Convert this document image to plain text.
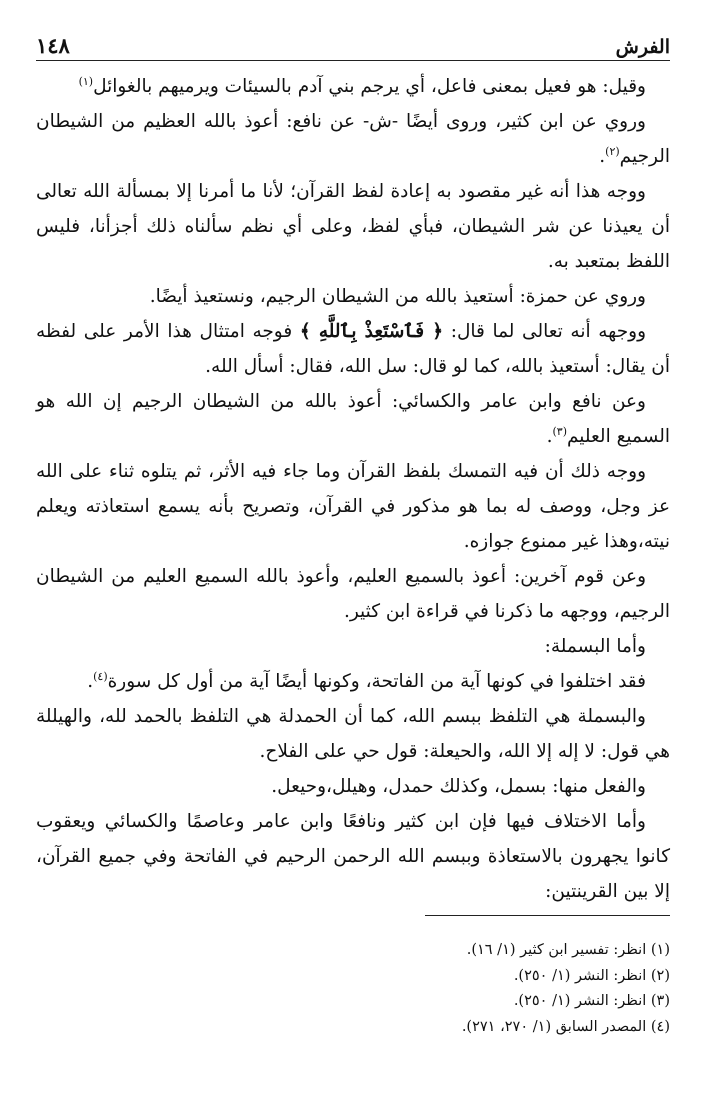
الفرش
١٤٨

وقيل: هو فعيل بمعنى فاعل، أي يرجم بني آدم بالسيئات ويرميهم بالغوائل$^{(١)}$

وروي عن ابن كثير، وروى أيضًا -ش- عن نافع: أعوذ بالله العظيم من الشيطان الرجيم$^{(٢)}$.

ووجه هذا أنه غير مقصود به إعادة لفظ القرآن؛ لأنا ما أمرنا إلا بمسألة الله تعالى أن يعيذنا عن شر الشيطان، فبأي لفظ، وعلى أي نظم سألناه ذلك أجزأنا، فليس اللفظ بمتعبد به.

وروي عن حمزة: أستعيذ بالله من الشيطان الرجيم، ونستعيذ أيضًا.

ووجهه أنه تعالى لما قال: ﴿ فَٱسْتَعِذْ بِٱللَّهِ ﴾ فوجه امتثال هذا الأمر على لفظه أن يقال: أستعيذ بالله، كما لو قال: سل الله، فقال: أسأل الله.

وعن نافع وابن عامر والكسائي: أعوذ بالله من الشيطان الرجيم إن الله هو السميع العليم$^{(٣)}$.

ووجه ذلك أن فيه التمسك بلفظ القرآن وما جاء فيه الأثر، ثم يتلوه ثناء على الله عز وجل، ووصف له بما هو مذكور في القرآن، وتصريح بأنه يسمع استعاذته ويعلم نيته،وهذا غير ممنوع جوازه.

وعن قوم آخرين: أعوذ بالسميع العليم، وأعوذ بالله السميع العليم من الشيطان الرجيم، ووجهه ما ذكرنا في قراءة ابن كثير.

وأما البسملة:

فقد اختلفوا في كونها آية من الفاتحة، وكونها أيضًا آية من أول كل سورة$^{(٤)}$.

والبسملة هي التلفظ ببسم الله، كما أن الحمدلة هي التلفظ بالحمد لله، والهيللة هي قول: لا إله إلا الله، والحيعلة: قول حي على الفلاح.

والفعل منها: بسمل، وكذلك حمدل، وهيلل،وحيعل.

وأما الاختلاف فيها فإن ابن كثير ونافعًا وابن عامر وعاصمًا والكسائي ويعقوب كانوا يجهرون بالاستعاذة وببسم الله الرحمن الرحيم في الفاتحة وفي جميع القرآن، إلا بين القرينتين:

(١) انظر: تفسير ابن كثير (١/ ١٦).
(٢) انظر: النشر (١/ ٢٥٠).
(٣) انظر: النشر (١/ ٢٥٠).
(٤) المصدر السابق (١/ ٢٧٠، ٢٧١).
